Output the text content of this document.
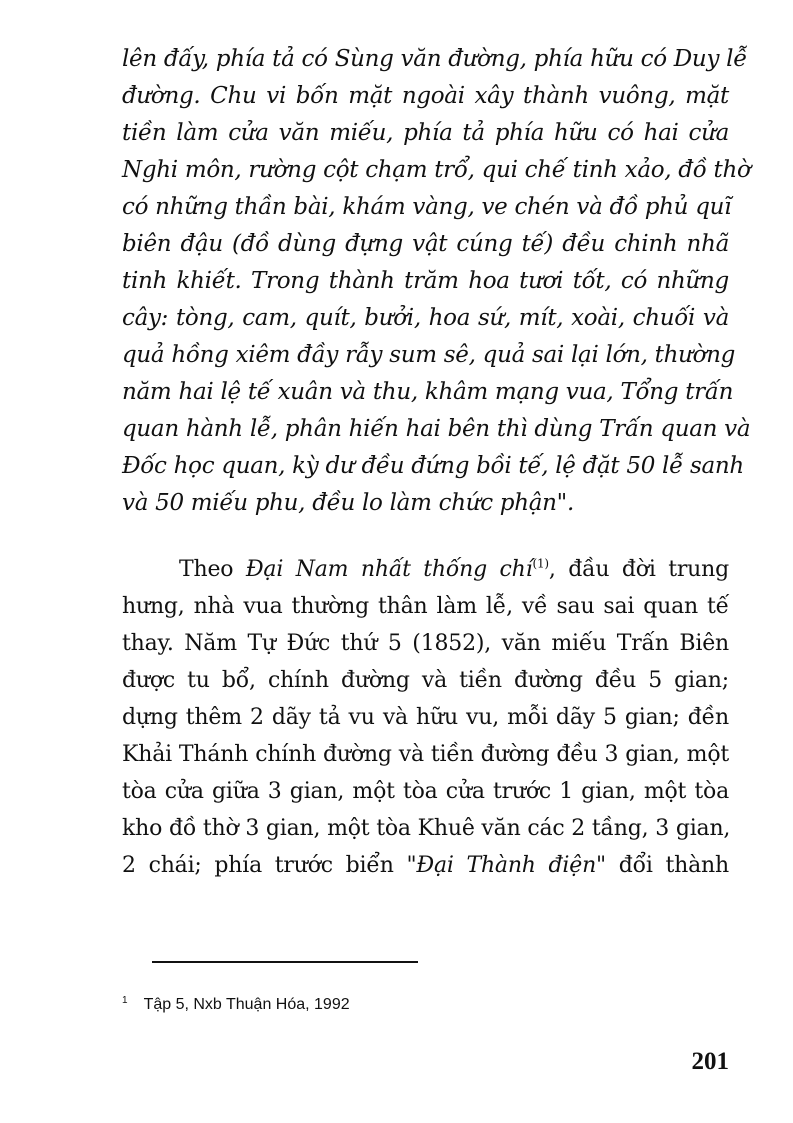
lên đấy, phía tả có Sùng văn đường, phía hữu có Duy lễ
đường. Chu vi bốn mặt ngoài xây thành vuông, mặt
tiền làm cửa văn miếu, phía tả phía hữu có hai cửa
Nghi môn, rường cột chạm trổ, qui chế tinh xảo, đồ thờ
có những thần bài, khám vàng, ve chén và đồ phủ quĩ
biên đậu (đồ dùng đựng vật cúng tế) đều chinh nhã
tinh khiết. Trong thành trăm hoa tươi tốt, có những
cây: tòng, cam, quít, bưởi, hoa sứ, mít, xoài, chuối và
quả hồng xiêm đầy rẫy sum sê, quả sai lại lớn, thường
năm hai lệ tế xuân và thu, khâm mạng vua, Tổng trấn
quan hành lễ, phân hiến hai bên thì dùng Trấn quan và
Đốc học quan, kỳ dư đều đứng bồi tế, lệ đặt 50 lễ sanh
và 50 miếu phu, đều lo làm chức phận".
Theo Đại Nam nhất thống chí$^{(1)}$, đầu đời trung
hưng, nhà vua thường thân làm lễ, về sau sai quan tế
thay. Năm Tự Đức thứ 5 (1852), văn miếu Trấn Biên
được tu bổ, chính đường và tiền đường đều 5 gian;
dựng thêm 2 dãy tả vu và hữu vu, mỗi dãy 5 gian; đền
Khải Thánh chính đường và tiền đường đều 3 gian, một
tòa cửa giữa 3 gian, một tòa cửa trước 1 gian, một tòa
kho đồ thờ 3 gian, một tòa Khuê văn các 2 tầng, 3 gian,
2 chái; phía trước biển "Đại Thành điện" đổi thành
$^1$ Tập 5, Nxb Thuận Hóa, 1992
201
